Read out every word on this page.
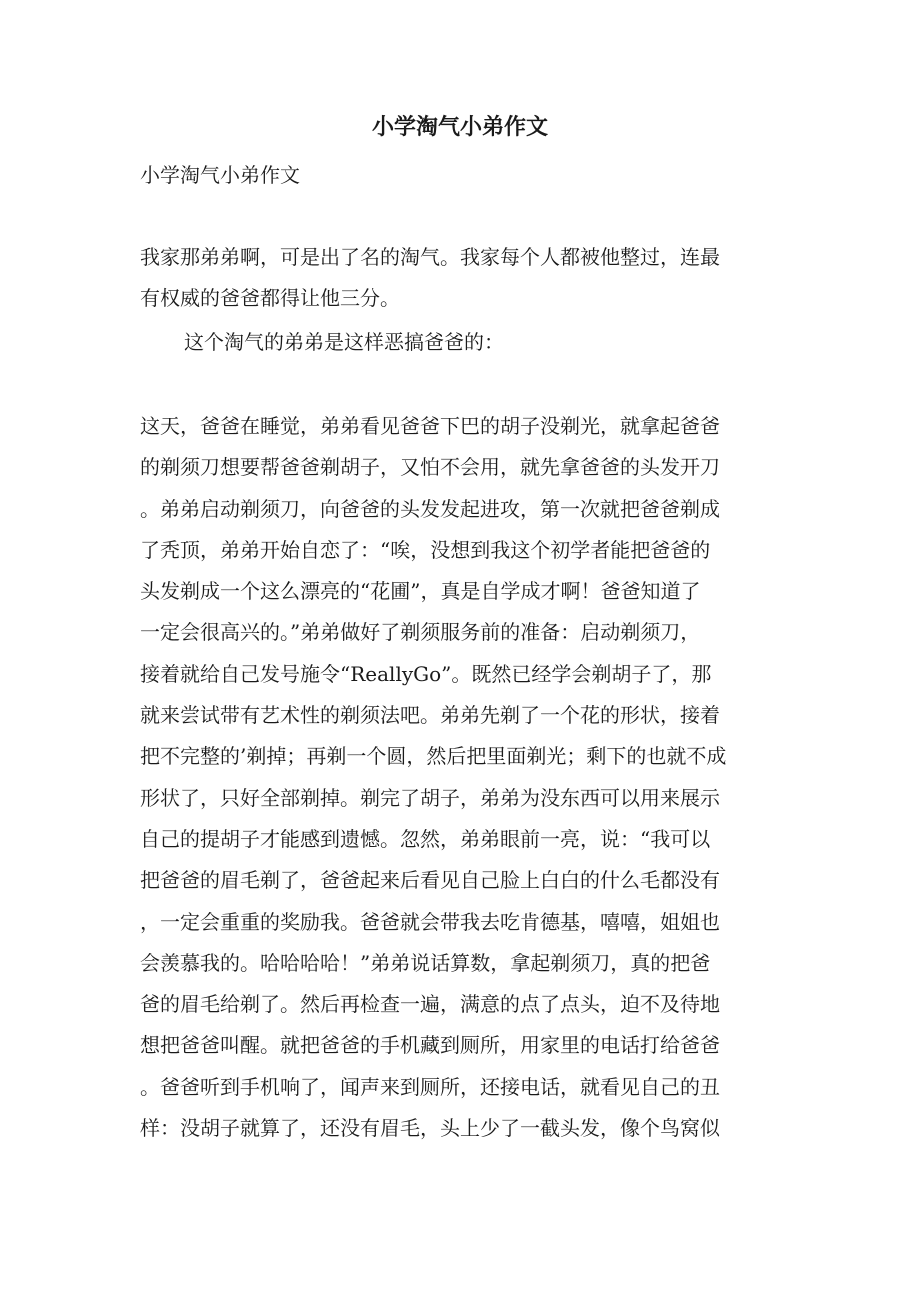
小学淘气小弟作文

小学淘气小弟作文

我家那弟弟啊，可是出了名的淘气。我家每个人都被他整过，连最
有权威的爸爸都得让他三分。

这个淘气的弟弟是这样恶搞爸爸的：

这天，爸爸在睡觉，弟弟看见爸爸下巴的胡子没剃光，就拿起爸爸
的剃须刀想要帮爸爸剃胡子，又怕不会用，就先拿爸爸的头发开刀
。弟弟启动剃须刀，向爸爸的头发发起进攻，第一次就把爸爸剃成
了秃顶，弟弟开始自恋了：“唉，没想到我这个初学者能把爸爸的
头发剃成一个这么漂亮的“花圃”，真是自学成才啊！爸爸知道了
一定会很高兴的。”弟弟做好了剃须服务前的准备：启动剃须刀，
接着就给自己发号施令“ReallyGo”。既然已经学会剃胡子了，那
就来尝试带有艺术性的剃须法吧。弟弟先剃了一个花的形状，接着
把不完整的’剃掉；再剃一个圆，然后把里面剃光；剩下的也就不成
形状了，只好全部剃掉。剃完了胡子，弟弟为没东西可以用来展示
自己的提胡子才能感到遗憾。忽然，弟弟眼前一亮，说：“我可以
把爸爸的眉毛剃了，爸爸起来后看见自己脸上白白的什么毛都没有
，一定会重重的奖励我。爸爸就会带我去吃肯德基，嘻嘻，姐姐也
会羡慕我的。哈哈哈哈！”弟弟说话算数，拿起剃须刀，真的把爸
爸的眉毛给剃了。然后再检查一遍，满意的点了点头，迫不及待地
想把爸爸叫醒。就把爸爸的手机藏到厕所，用家里的电话打给爸爸
。爸爸听到手机响了，闻声来到厕所，还接电话，就看见自己的丑
样：没胡子就算了，还没有眉毛，头上少了一截头发，像个鸟窝似
